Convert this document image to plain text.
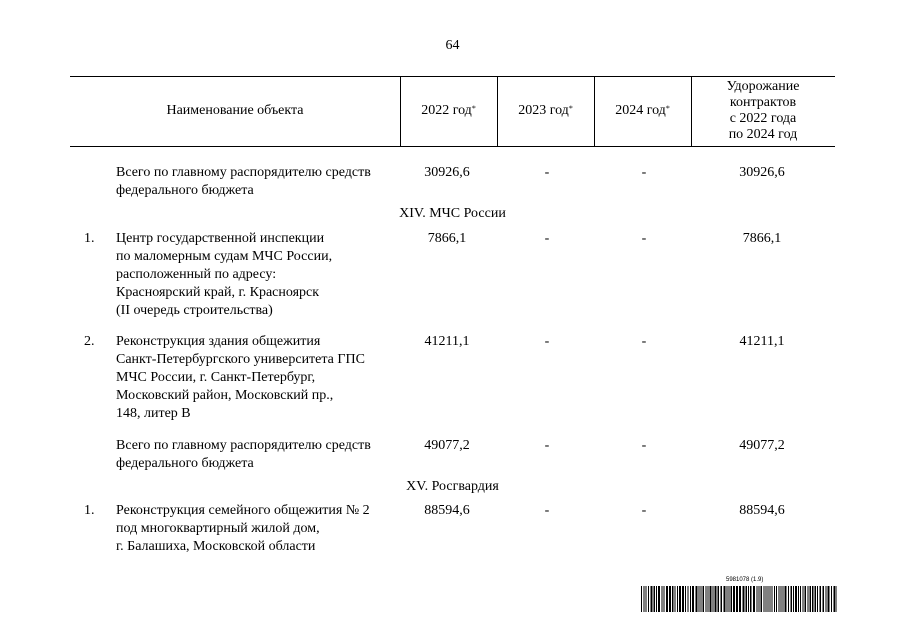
64
Наименование объекта	2022 год*	2023 год*	2024 год*
Удорожание
контрактов
с 2022 года
по 2024 год
Всего по главному распорядителю средств
федерального бюджета
30926,6	-	-	30926,6
XIV. МЧС России
1. Центр государственной инспекции
по маломерным судам МЧС России,
расположенный по адресу:
Красноярский край, г. Красноярск
(II очередь строительства)
7866,1	-	-	7866,1
2. Реконструкция здания общежития
Санкт-Петербургского университета ГПС
МЧС России, г. Санкт-Петербург,
Московский район, Московский пр.,
148, литер В
41211,1	-	-	41211,1
Всего по главному распорядителю средств
федерального бюджета
49077,2	-	-	49077,2
XV. Росгвардия
1. Реконструкция семейного общежития № 2
под многоквартирный жилой дом,
г. Балашиха, Московской области
88594,6	-	-	88594,6
5981078 (1.9)
